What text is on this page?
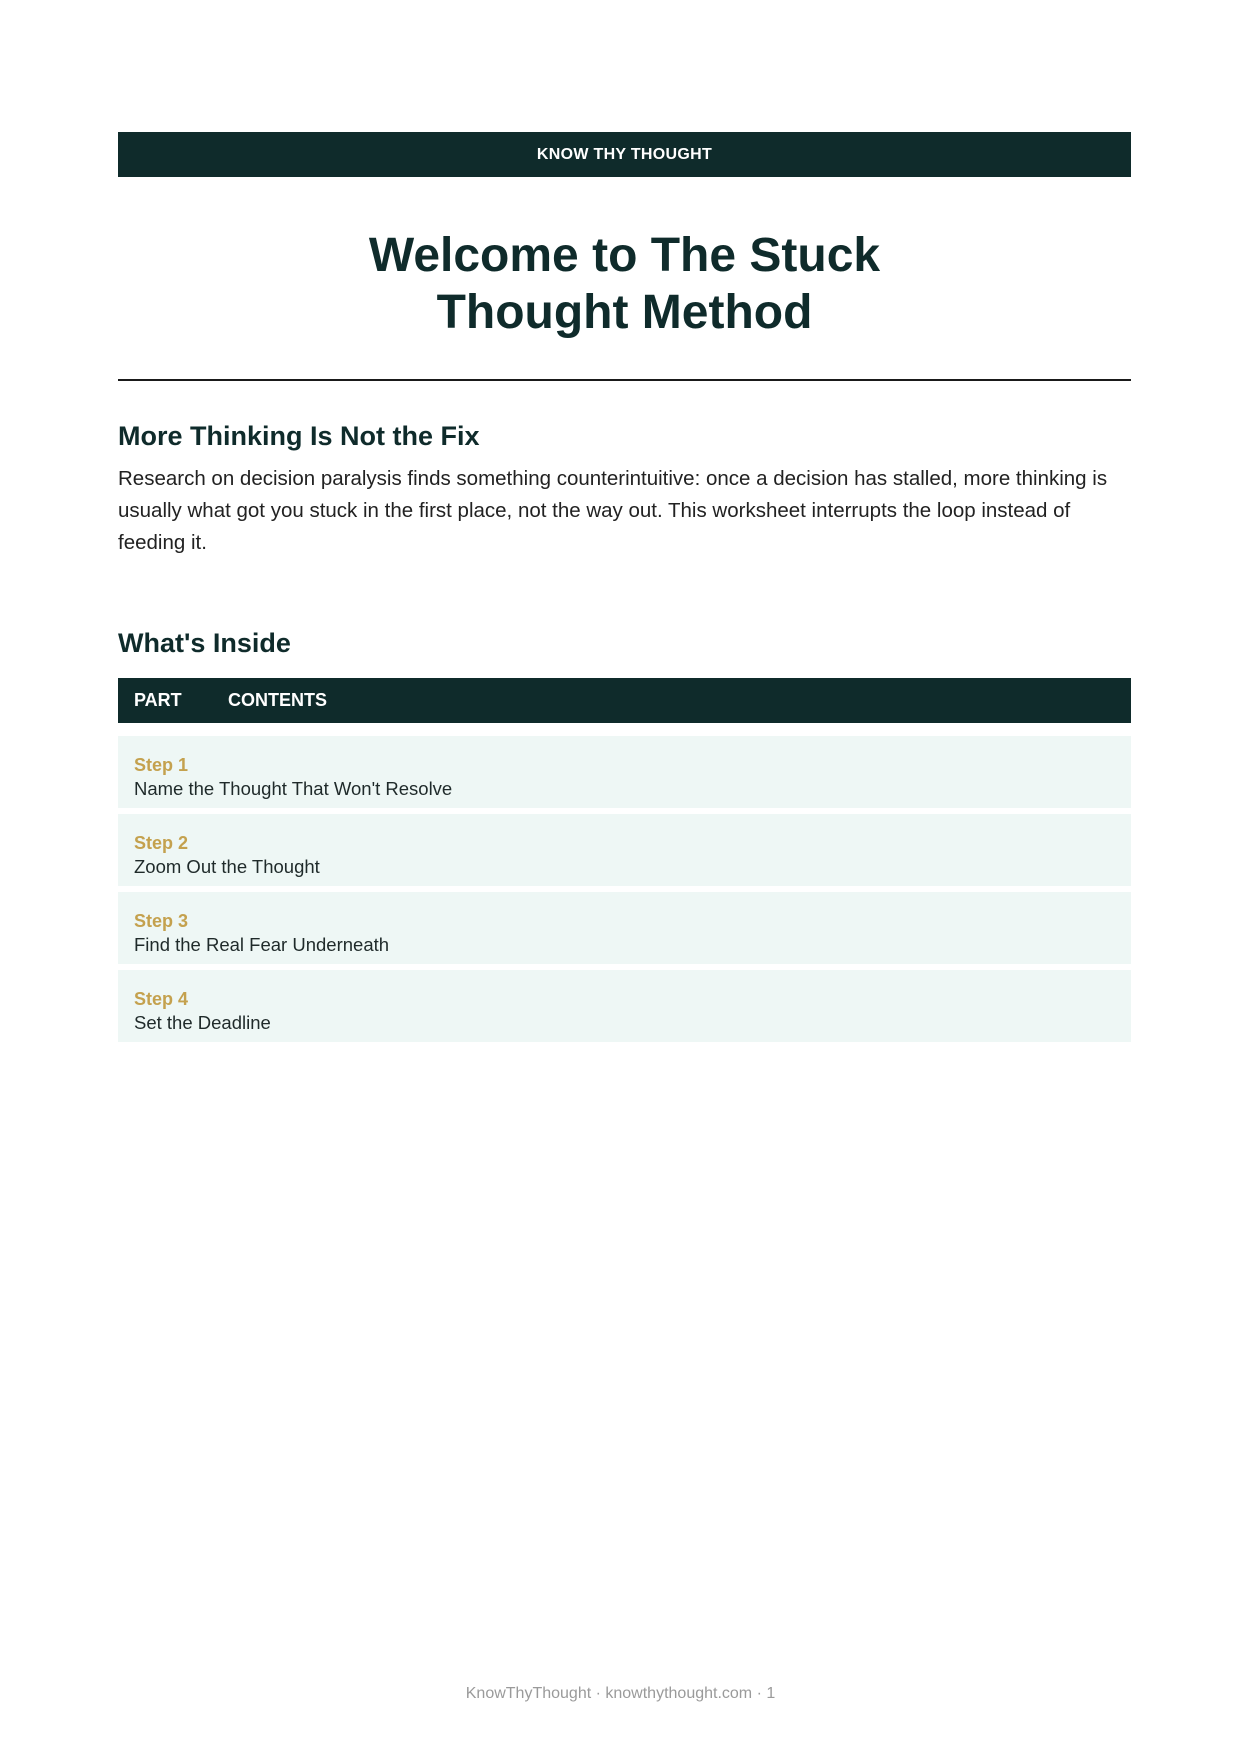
KNOW THY THOUGHT
Welcome to The Stuck
Thought Method
More Thinking Is Not the Fix

Research on decision paralysis finds something counterintuitive: once a decision has stalled, more thinking is usually what got you stuck in the first place, not the way out. This worksheet interrupts the loop instead of feeding it.

What's Inside
PART	CONTENTS
Step 1
Name the Thought That Won't Resolve
Step 2
Zoom Out the Thought
Step 3
Find the Real Fear Underneath
Step 4
Set the Deadline
KnowThyThought · knowthythought.com · 1
